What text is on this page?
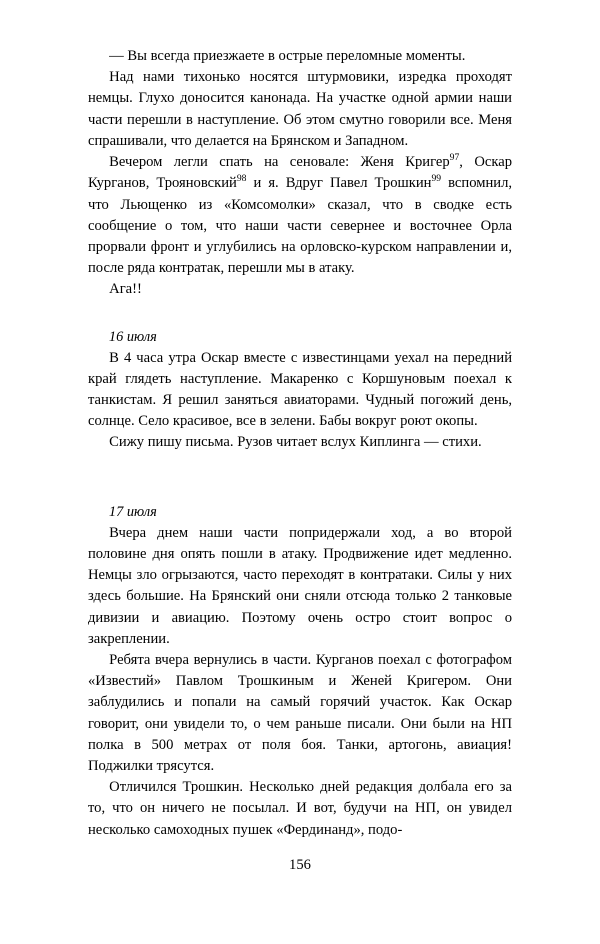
— Вы всегда приезжаете в острые переломные моменты.

Над нами тихонько носятся штурмовики, изредка проходят немцы. Глухо доносится канонада. На участке одной армии наши части перешли в наступление. Об этом смутно говорили все. Меня спрашивали, что делается на Брянском и Западном.

Вечером легли спать на сеновале: Женя Кригер$^{97}$, Оскар Курганов, Трояновский$^{98}$ и я. Вдруг Павел Трошкин$^{99}$ вспомнил, что Льющенко из «Комсомолки» сказал, что в сводке есть сообщение о том, что наши части севернее и восточнее Орла прорвали фронт и углубились на орловско-курском направлении и, после ряда контратак, перешли мы в атаку.

Ага!!

16 июля

В 4 часа утра Оскар вместе с известинцами уехал на передний край глядеть наступление. Макаренко с Коршуновым поехал к танкистам. Я решил заняться авиаторами. Чудный погожий день, солнце. Село красивое, все в зелени. Бабы вокруг роют окопы.

Сижу пишу письма. Рузов читает вслух Киплинга — стихи.

17 июля

Вчера днем наши части попридержали ход, а во второй половине дня опять пошли в атаку. Продвижение идет медленно. Немцы зло огрызаются, часто переходят в контратаки. Силы у них здесь большие. На Брянский они сняли отсюда только 2 танковые дивизии и авиацию. Поэтому очень остро стоит вопрос о закреплении.

Ребята вчера вернулись в части. Курганов поехал с фотографом «Известий» Павлом Трошкиным и Женей Кригером. Они заблудились и попали на самый горячий участок. Как Оскар говорит, они увидели то, о чем раньше писали. Они были на НП полка в 500 метрах от поля боя. Танки, артогонь, авиация! Поджилки трясутся.

Отличился Трошкин. Несколько дней редакция долбала его за то, что он ничего не посылал. И вот, будучи на НП, он увидел несколько самоходных пушек «Фердинанд», подо-

156
